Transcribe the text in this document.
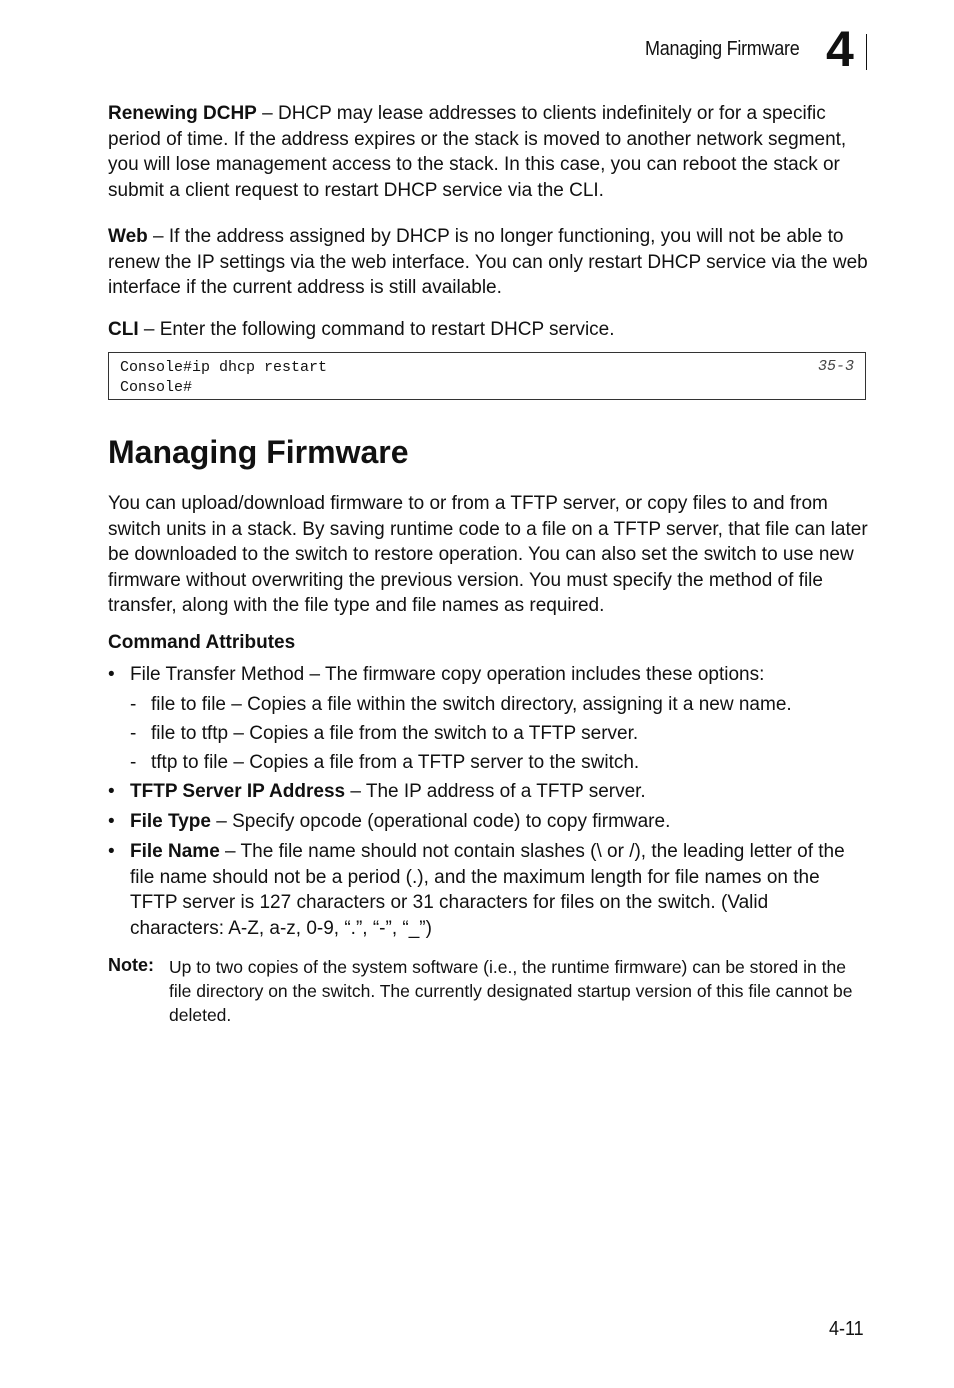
Managing Firmware 4

Renewing DCHP – DHCP may lease addresses to clients indefinitely or for a specific period of time. If the address expires or the stack is moved to another network segment, you will lose management access to the stack. In this case, you can reboot the stack or submit a client request to restart DHCP service via the CLI.

Web – If the address assigned by DHCP is no longer functioning, you will not be able to renew the IP settings via the web interface. You can only restart DHCP service via the web interface if the current address is still available.

CLI – Enter the following command to restart DHCP service.

Console#ip dhcp restart
Console#
35-3
Managing Firmware

You can upload/download firmware to or from a TFTP server, or copy files to and from switch units in a stack. By saving runtime code to a file on a TFTP server, that file can later be downloaded to the switch to restore operation. You can also set the switch to use new firmware without overwriting the previous version. You must specify the method of file transfer, along with the file type and file names as required.

Command Attributes
• File Transfer Method – The firmware copy operation includes these options:
- file to file – Copies a file within the switch directory, assigning it a new name.
- file to tftp – Copies a file from the switch to a TFTP server.
- tftp to file – Copies a file from a TFTP server to the switch.
• TFTP Server IP Address – The IP address of a TFTP server.
• File Type – Specify opcode (operational code) to copy firmware.
• File Name – The file name should not contain slashes (\ or /), the leading letter of the file name should not be a period (.), and the maximum length for file names on the TFTP server is 127 characters or 31 characters for files on the switch. (Valid characters: A-Z, a-z, 0-9, “.”, “-”, “_”)
Note: Up to two copies of the system software (i.e., the runtime firmware) can be stored in the file directory on the switch. The currently designated startup version of this file cannot be deleted.
4-11
